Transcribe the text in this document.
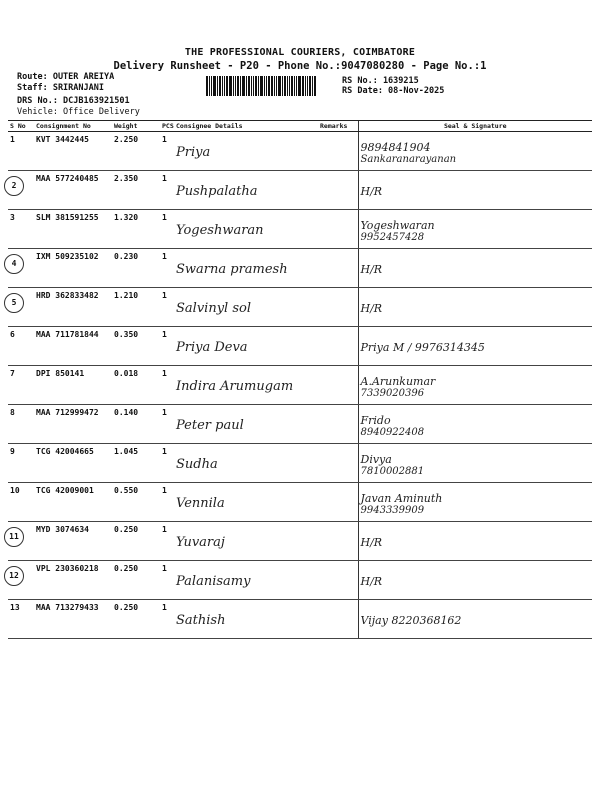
THE PROFESSIONAL COURIERS, COIMBATORE
Delivery Runsheet - P20 - Phone No.:9047080280 - Page No.:1
Route: OUTER AREIYA
Staff: SRIRANJANI
DRS No.: DCJB163921501
Vehicle: Office Delivery
RS No.: 1639215
RS Date: 08-Nov-2025
S No	Consignment No	Weight	PCS	Consignee Details	Remarks	Seal & Signature
1	KVT 3442445	2.250	1	Priya		9894841904
Sankaranarayanan

2	MAA 577240485	2.350	1	Pushpalatha		H/R

3	SLM 381591255	1.320	1	Yogeshwaran		Yogeshwaran
9952457428

4	IXM 509235102	0.230	1	Swarna pramesh		H/R

5	HRD 362833482	1.210	1	Salvinyl sol		H/R

6	MAA 711781844	0.350	1	Priya Deva		Priya M / 9976314345

7	DPI 850141	0.018	1	Indira Arumugam		A.Arunkumar
7339020396

8	MAA 712999472	0.140	1	Peter paul		Frido
8940922408

9	TCG 42004665	1.045	1	Sudha		Divya
7810002881

10	TCG 42009001	0.550	1	Vennila		Javan Aminuth
9943339909

11	MYD 3074634	0.250	1	Yuvaraj		H/R

12	VPL 230360218	0.250	1	Palanisamy		H/R

13	MAA 713279433	0.250	1	Sathish		Vijay 8220368162
